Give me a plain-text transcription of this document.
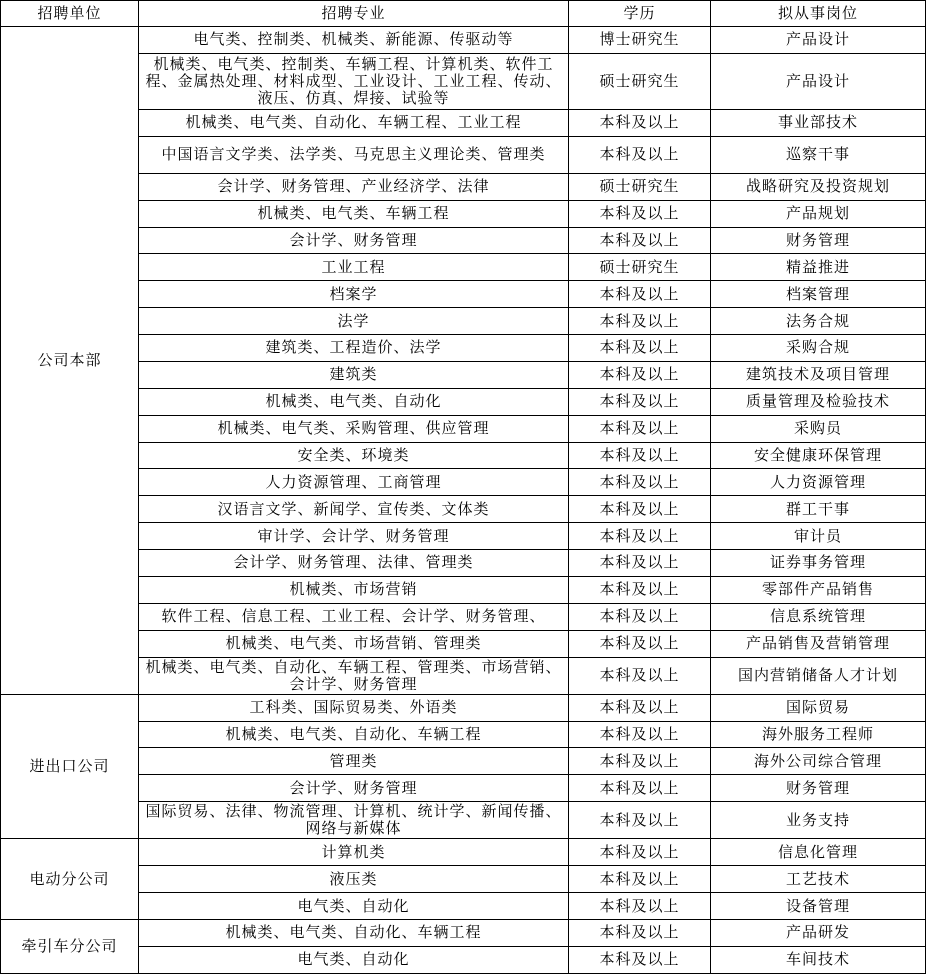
招聘单位	招聘专业	学历	拟从事岗位
公司本部	电气类、控制类、机械类、新能源、传驱动等	博士研究生	产品设计
	机械类、电气类、控制类、车辆工程、计算机类、软件工程、金属热处理、材料成型、工业设计、工业工程、传动、液压、仿真、焊接、试验等	硕士研究生	产品设计
	机械类、电气类、自动化、车辆工程、工业工程	本科及以上	事业部技术
	中国语言文学类、法学类、马克思主义理论类、管理类	本科及以上	巡察干事
	会计学、财务管理、产业经济学、法律	硕士研究生	战略研究及投资规划
	机械类、电气类、车辆工程	本科及以上	产品规划
	会计学、财务管理	本科及以上	财务管理
	工业工程	硕士研究生	精益推进
	档案学	本科及以上	档案管理
	法学	本科及以上	法务合规
	建筑类、工程造价、法学	本科及以上	采购合规
	建筑类	本科及以上	建筑技术及项目管理
	机械类、电气类、自动化	本科及以上	质量管理及检验技术
	机械类、电气类、采购管理、供应管理	本科及以上	采购员
	安全类、环境类	本科及以上	安全健康环保管理
	人力资源管理、工商管理	本科及以上	人力资源管理
	汉语言文学、新闻学、宣传类、文体类	本科及以上	群工干事
	审计学、会计学、财务管理	本科及以上	审计员
	会计学、财务管理、法律、管理类	本科及以上	证券事务管理
	机械类、市场营销	本科及以上	零部件产品销售
	软件工程、信息工程、工业工程、会计学、财务管理、	本科及以上	信息系统管理
	机械类、电气类、市场营销、管理类	本科及以上	产品销售及营销管理
	机械类、电气类、自动化、车辆工程、管理类、市场营销、会计学、财务管理	本科及以上	国内营销储备人才计划
进出口公司	工科类、国际贸易类、外语类	本科及以上	国际贸易
	机械类、电气类、自动化、车辆工程	本科及以上	海外服务工程师
	管理类	本科及以上	海外公司综合管理
	会计学、财务管理	本科及以上	财务管理
	国际贸易、法律、物流管理、计算机、统计学、新闻传播、网络与新媒体	本科及以上	业务支持
电动分公司	计算机类	本科及以上	信息化管理
	液压类	本科及以上	工艺技术
	电气类、自动化	本科及以上	设备管理
牵引车分公司	机械类、电气类、自动化、车辆工程	本科及以上	产品研发
	电气类、自动化	本科及以上	车间技术
